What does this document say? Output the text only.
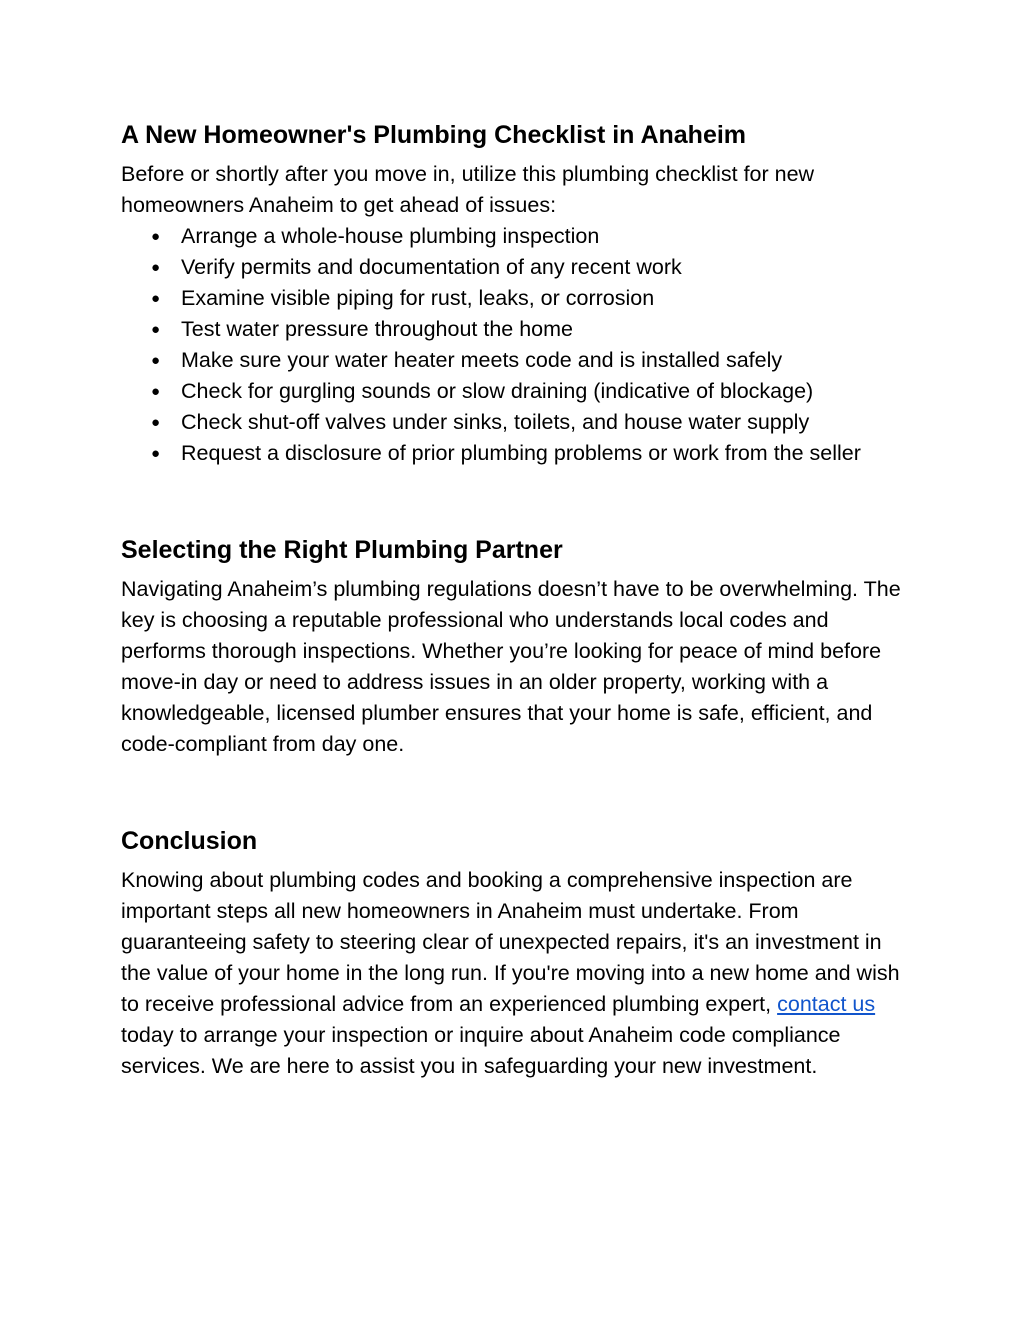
A New Homeowner's Plumbing Checklist in Anaheim

Before or shortly after you move in, utilize this plumbing checklist for new homeowners Anaheim to get ahead of issues:

● Arrange a whole-house plumbing inspection
● Verify permits and documentation of any recent work
● Examine visible piping for rust, leaks, or corrosion
● Test water pressure throughout the home
● Make sure your water heater meets code and is installed safely
● Check for gurgling sounds or slow draining (indicative of blockage)
● Check shut-off valves under sinks, toilets, and house water supply
● Request a disclosure of prior plumbing problems or work from the seller
Selecting the Right Plumbing Partner

Navigating Anaheim’s plumbing regulations doesn’t have to be overwhelming. The key is choosing a reputable professional who understands local codes and performs thorough inspections. Whether you’re looking for peace of mind before move-in day or need to address issues in an older property, working with a knowledgeable, licensed plumber ensures that your home is safe, efficient, and code-compliant from day one.

Conclusion

Knowing about plumbing codes and booking a comprehensive inspection are important steps all new homeowners in Anaheim must undertake. From guaranteeing safety to steering clear of unexpected repairs, it's an investment in the value of your home in the long run. If you're moving into a new home and wish to receive professional advice from an experienced plumbing expert, contact us today to arrange your inspection or inquire about Anaheim code compliance services. We are here to assist you in safeguarding your new investment.
